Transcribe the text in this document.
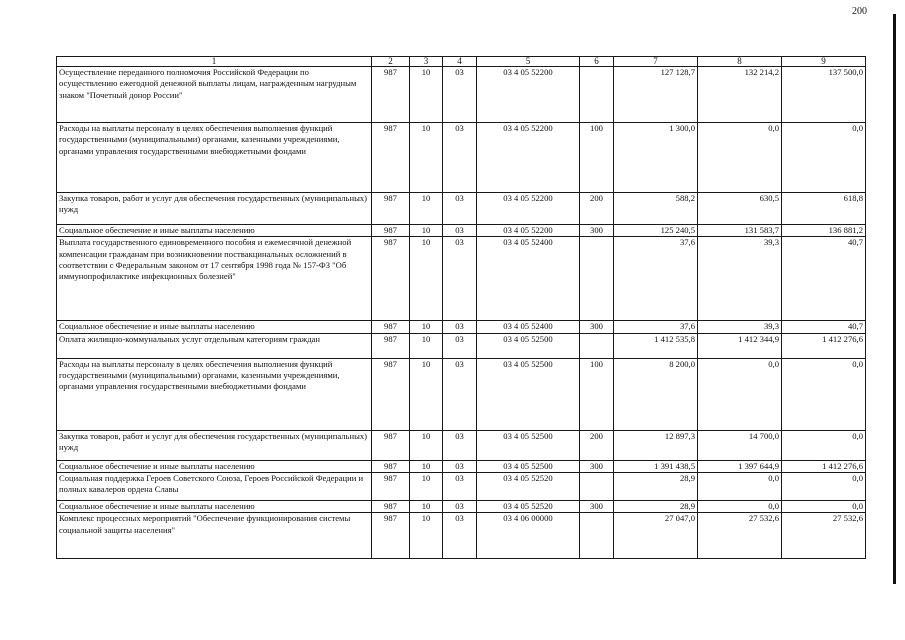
200
1	2	3	4	5	6	7	8	9
Осуществление переданного полномочия Российской Федерации по осуществлению ежегодной денежной выплаты лицам, награжденным нагрудным знаком "Почетный донор России"	987	10	03	03 4 05 52200		127 128,7	132 214,2	137 500,0
Расходы на выплаты персоналу в целях обеспечения выполнения функций государственными (муниципальными) органами, казенными учреждениями, органами управления государственными внебюджетными фондами	987	10	03	03 4 05 52200	100	1 300,0	0,0	0,0
Закупка товаров, работ и услуг для обеспечения государственных (муниципальных) нужд	987	10	03	03 4 05 52200	200	588,2	630,5	618,8
Социальное обеспечение и иные выплаты населению	987	10	03	03 4 05 52200	300	125 240,5	131 583,7	136 881,2
Выплата государственного единовременного пособия и ежемесячной денежной компенсации гражданам при возникновении поствакцинальных осложнений в соответствии с Федеральным законом от 17 сентября 1998 года № 157-ФЗ "Об иммунопрофилактике инфекционных болезней"	987	10	03	03 4 05 52400		37,6	39,3	40,7
Социальное обеспечение и иные выплаты населению	987	10	03	03 4 05 52400	300	37,6	39,3	40,7
Оплата жилищно-коммунальных услуг отдельным категориям граждан	987	10	03	03 4 05 52500		1 412 535,8	1 412 344,9	1 412 276,6
Расходы на выплаты персоналу в целях обеспечения выполнения функций государственными (муниципальными) органами, казенными учреждениями, органами управления государственными внебюджетными фондами	987	10	03	03 4 05 52500	100	8 200,0	0,0	0,0
Закупка товаров, работ и услуг для обеспечения государственных (муниципальных) нужд	987	10	03	03 4 05 52500	200	12 897,3	14 700,0	0,0
Социальное обеспечение и иные выплаты населению	987	10	03	03 4 05 52500	300	1 391 438,5	1 397 644,9	1 412 276,6
Социальная поддержка Героев Советского Союза, Героев Российской Федерации и полных кавалеров ордена Славы	987	10	03	03 4 05 52520		28,9	0,0	0,0
Социальное обеспечение и иные выплаты населению	987	10	03	03 4 05 52520	300	28,9	0,0	0,0
Комплекс процессных мероприятий "Обеспечение функционирования системы социальной защиты населения"	987	10	03	03 4 06 00000		27 047,0	27 532,6	27 532,6
